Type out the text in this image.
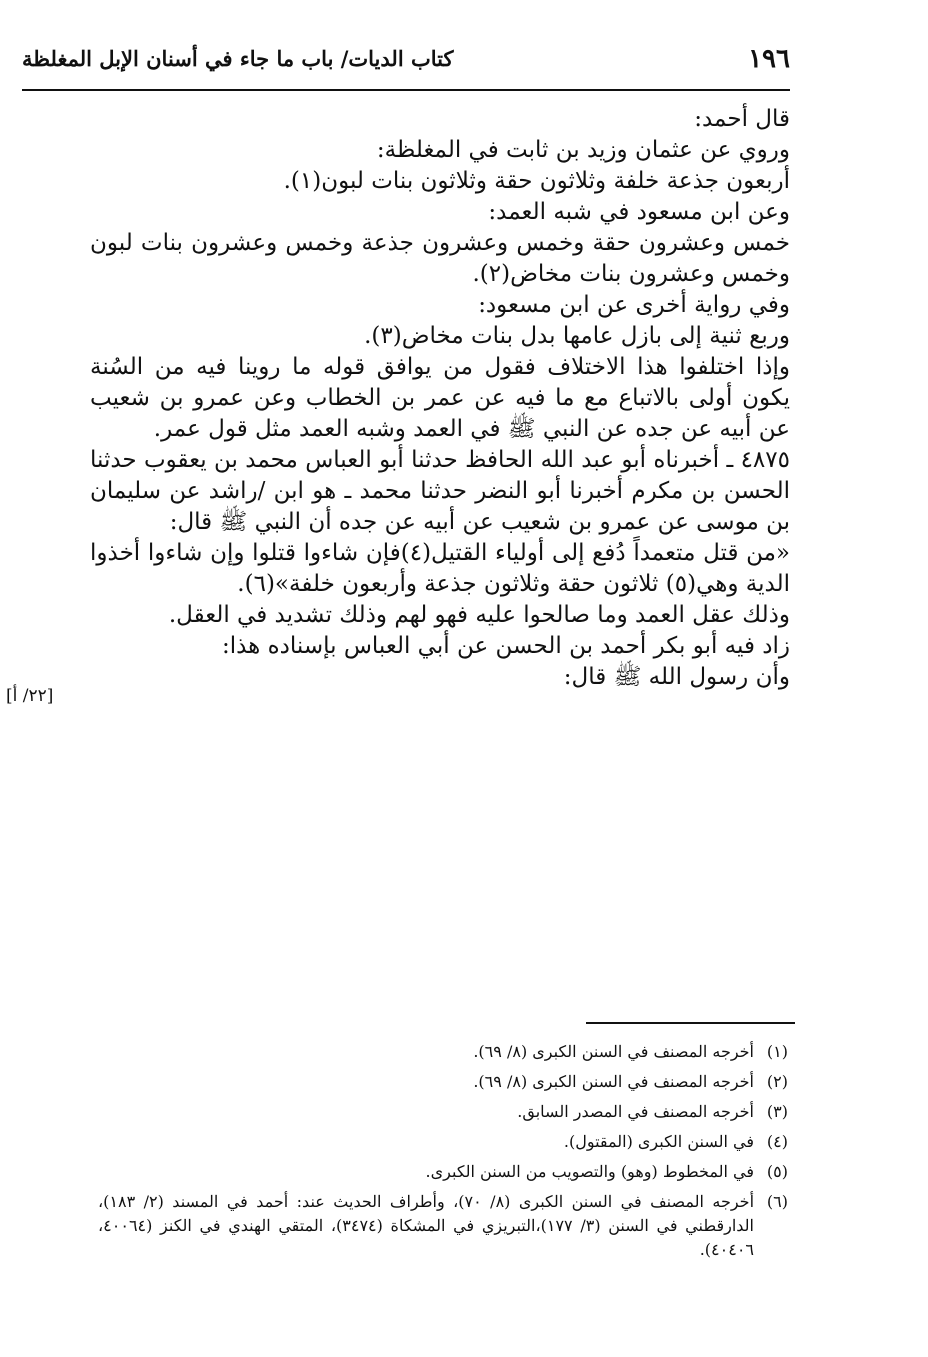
١٩٦
كتاب الديات/ باب ما جاء في أسنان الإبل المغلظة

قال أحمد:

وروي عن عثمان وزيد بن ثابت في المغلظة:

أربعون جذعة خلفة وثلاثون حقة وثلاثون بنات لبون(١).

وعن ابن مسعود في شبه العمد:

خمس وعشرون حقة وخمس وعشرون جذعة وخمس وعشرون بنات لبون وخمس وعشرون بنات مخاض(٢).

وفي رواية أخرى عن ابن مسعود:

وربع ثنية إلى بازل عامها بدل بنات مخاض(٣).

وإذا اختلفوا هذا الاختلاف فقول من يوافق قوله ما روينا فيه من السُنة يكون أولى بالاتباع مع ما فيه عن عمر بن الخطاب وعن عمرو بن شعيب عن أبيه عن جده عن النبي ﷺ في العمد وشبه العمد مثل قول عمر.

٤٨٧٥ ـ أخبرناه أبو عبد الله الحافظ حدثنا أبو العباس محمد بن يعقوب حدثنا الحسن بن مكرم أخبرنا أبو النضر حدثنا محمد ـ هو ابن /راشد عن سليمان بن موسى عن عمرو بن شعيب عن أبيه عن جده أن النبي ﷺ قال:

«من قتل متعمداً دُفع إلى أولياء القتيل(٤)فإن شاءوا قتلوا وإن شاءوا أخذوا الدية وهي(٥) ثلاثون حقة وثلاثون جذعة وأربعون خلفة»(٦).

وذلك عقل العمد وما صالحوا عليه فهو لهم وذلك تشديد في العقل.

زاد فيه أبو بكر أحمد بن الحسن عن أبي العباس بإسناده هذا:

وأن رسول الله ﷺ قال:

[٢٢/ أ]
(١)
أخرجه المصنف في السنن الكبرى (٨/ ٦٩).
(٢)
أخرجه المصنف في السنن الكبرى (٨/ ٦٩).
(٣)
أخرجه المصنف في المصدر السابق.
(٤)
في السنن الكبرى (المقتول).
(٥)
في المخطوط (وهو) والتصويب من السنن الكبرى.
(٦)
أخرجه المصنف في السنن الكبرى (٨/ ٧٠)، وأطراف الحديث عند: أحمد في المسند (٢/ ١٨٣)، الدارقطني في السنن (٣/ ١٧٧)،التبريزي في المشكاة (٣٤٧٤)، المتقي الهندي في الكنز (٤٠٠٦٤، ٤٠٤٠٦).
